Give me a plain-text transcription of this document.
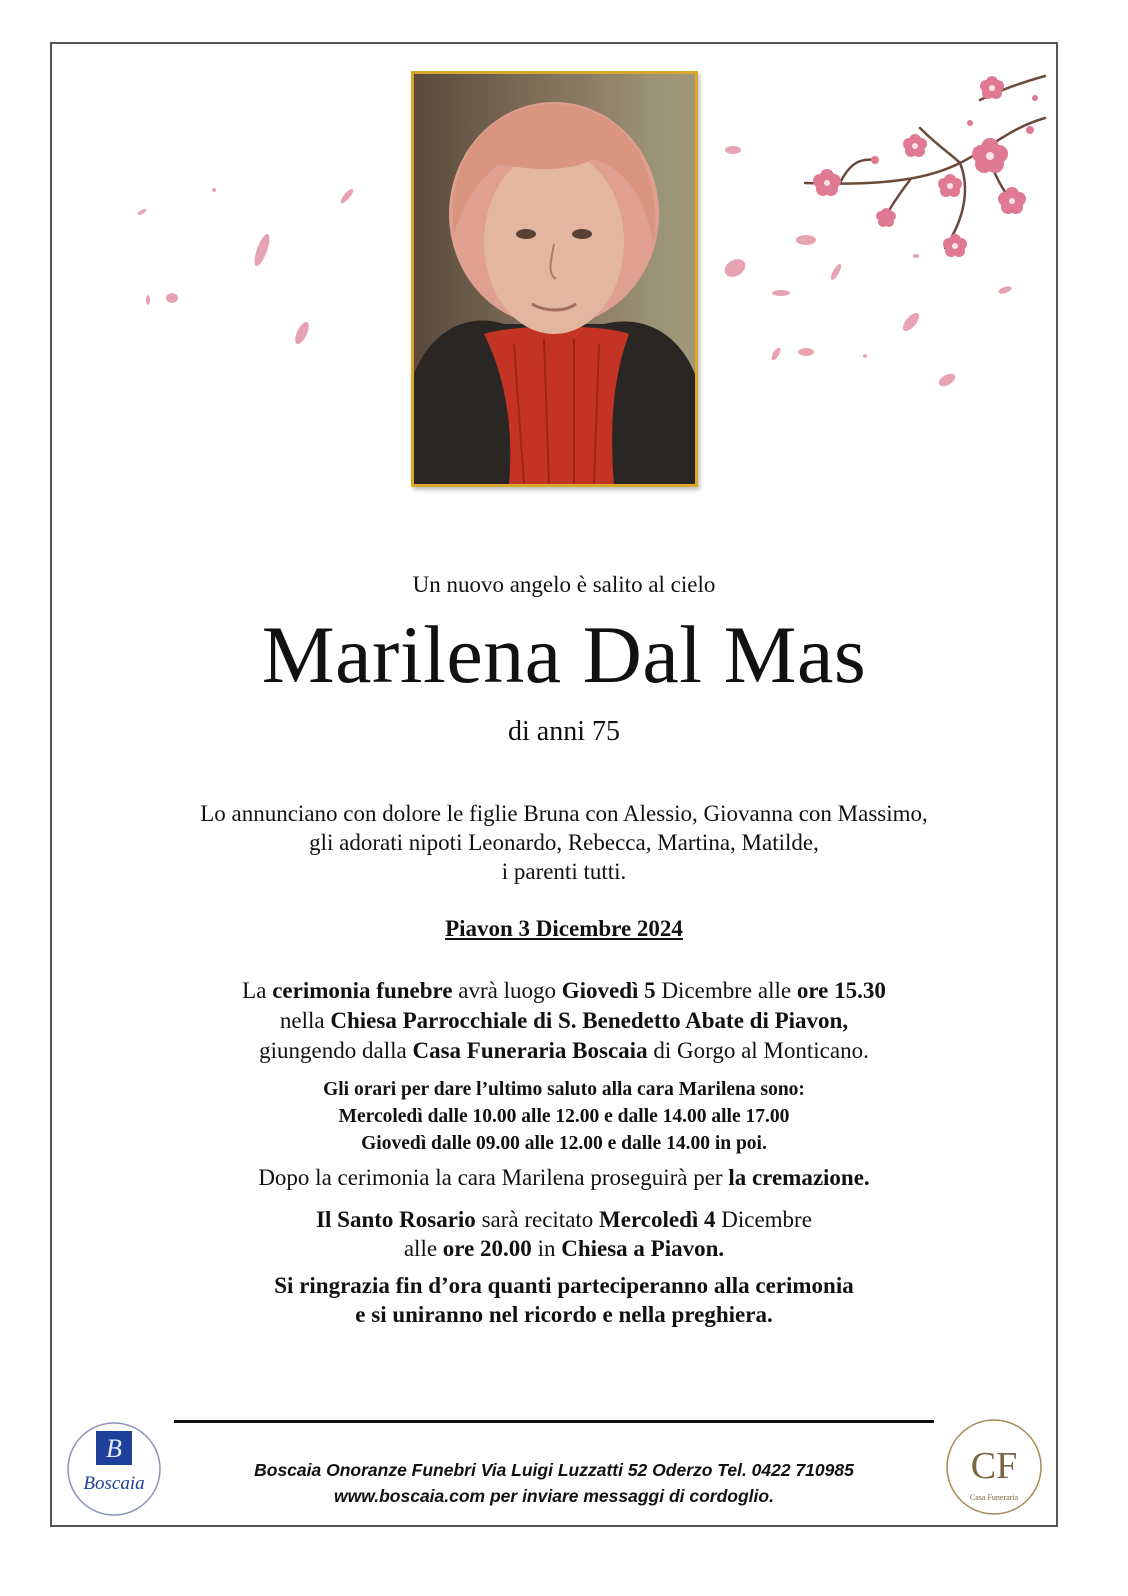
Un nuovo angelo è salito al cielo
Marilena Dal Mas
di anni 75
Lo annunciano con dolore le figlie Bruna con Alessio, Giovanna con Massimo,
gli adorati nipoti Leonardo, Rebecca, Martina, Matilde,
i parenti tutti.
Piavon 3 Dicembre 2024
La cerimonia funebre avrà luogo Giovedì 5 Dicembre alle ore 15.30
nella Chiesa Parrocchiale di S. Benedetto Abate di Piavon,
giungendo dalla Casa Funeraria Boscaia di Gorgo al Monticano.
Gli orari per dare l’ultimo saluto alla cara Marilena sono:
Mercoledì dalle 10.00 alle 12.00 e dalle 14.00 alle 17.00
Giovedì dalle 09.00 alle 12.00 e dalle 14.00 in poi.
Dopo la cerimonia la cara Marilena proseguirà per la cremazione.
Il Santo Rosario sarà recitato Mercoledì 4 Dicembre
alle ore 20.00 in Chiesa a Piavon.
Si ringrazia fin d’ora quanti parteciperanno alla cerimonia
e si uniranno nel ricordo e nella preghiera.
B
Boscaia	CF
Casa Funeraria
Boscaia Onoranze Funebri Via Luigi Luzzatti 52 Oderzo Tel. 0422 710985
www.boscaia.com per inviare messaggi di cordoglio.
